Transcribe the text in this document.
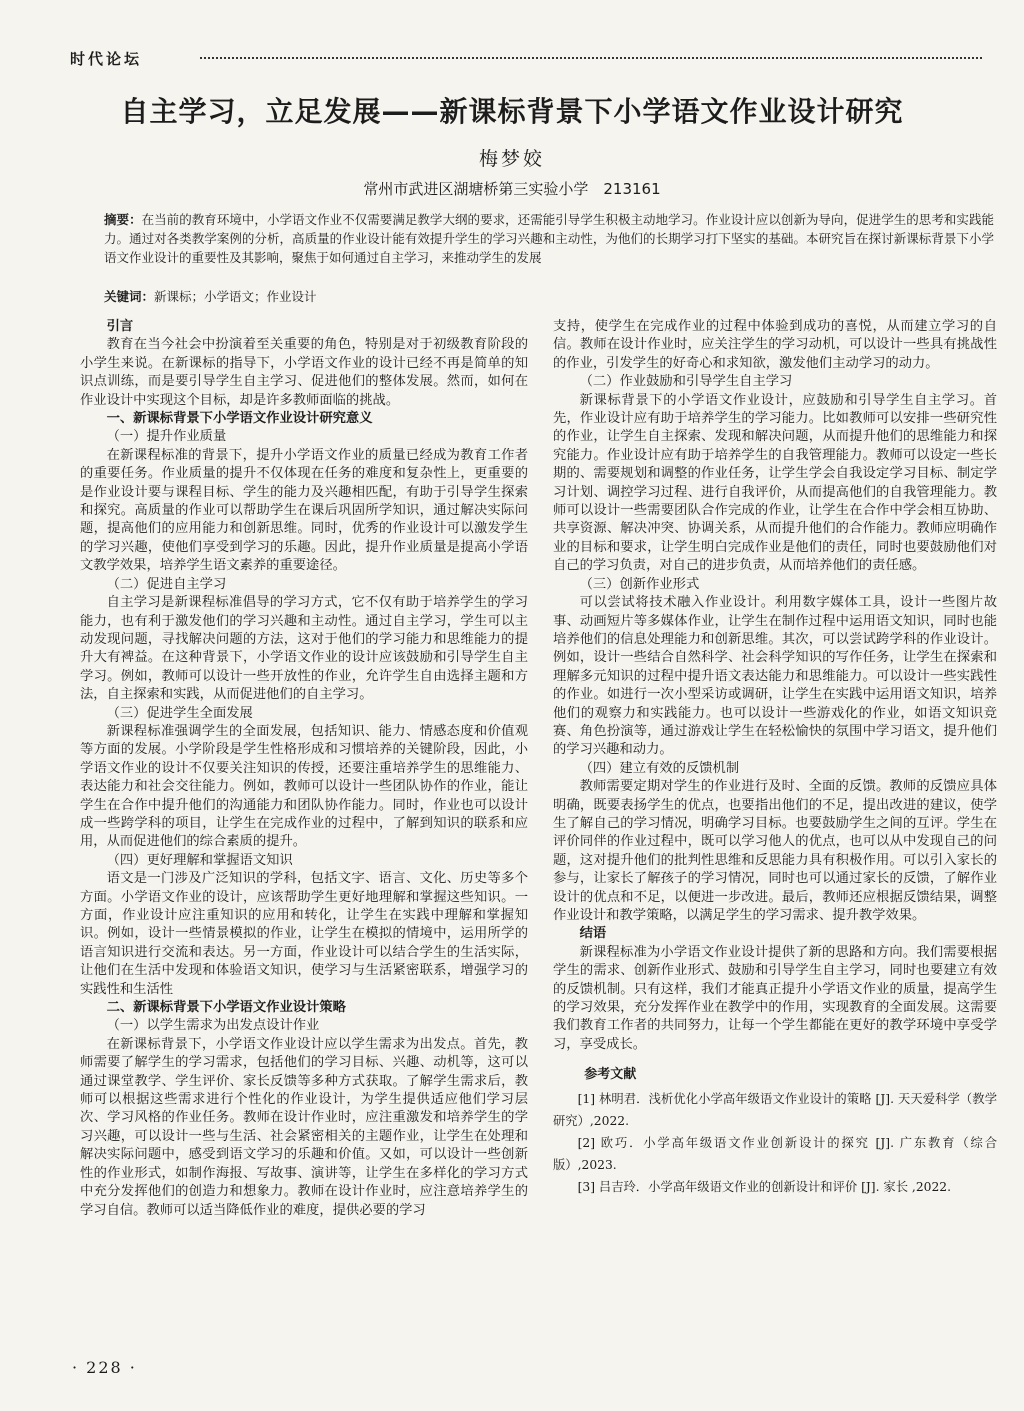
时代论坛
自主学习，立足发展——新课标背景下小学语文作业设计研究
梅梦姣
常州市武进区湖塘桥第三实验小学　213161
摘要：在当前的教育环境中，小学语文作业不仅需要满足教学大纲的要求，还需能引导学生积极主动地学习。作业设计应以创新为导向，促进学生的思考和实践能力。通过对各类教学案例的分析，高质量的作业设计能有效提升学生的学习兴趣和主动性，为他们的长期学习打下坚实的基础。本研究旨在探讨新课标背景下小学语文作业设计的重要性及其影响，聚焦于如何通过自主学习，来推动学生的发展
关键词：新课标；小学语文；作业设计
引言

教育在当今社会中扮演着至关重要的角色，特别是对于初级教育阶段的小学生来说。在新课标的指导下，小学语文作业的设计已经不再是简单的知识点训练，而是要引导学生自主学习、促进他们的整体发展。然而，如何在作业设计中实现这个目标，却是许多教师面临的挑战。

一、新课标背景下小学语文作业设计研究意义
（一）提升作业质量

在新课程标准的背景下，提升小学语文作业的质量已经成为教育工作者的重要任务。作业质量的提升不仅体现在任务的难度和复杂性上，更重要的是作业设计要与课程目标、学生的能力及兴趣相匹配，有助于引导学生探索和探究。高质量的作业可以帮助学生在课后巩固所学知识，通过解决实际问题，提高他们的应用能力和创新思维。同时，优秀的作业设计可以激发学生的学习兴趣，使他们享受到学习的乐趣。因此，提升作业质量是提高小学语文教学效果，培养学生语文素养的重要途径。

（二）促进自主学习

自主学习是新课程标准倡导的学习方式，它不仅有助于培养学生的学习能力，也有利于激发他们的学习兴趣和主动性。通过自主学习，学生可以主动发现问题，寻找解决问题的方法，这对于他们的学习能力和思维能力的提升大有裨益。在这种背景下，小学语文作业的设计应该鼓励和引导学生自主学习。例如，教师可以设计一些开放性的作业，允许学生自由选择主题和方法，自主探索和实践，从而促进他们的自主学习。

（三）促进学生全面发展

新课程标准强调学生的全面发展，包括知识、能力、情感态度和价值观等方面的发展。小学阶段是学生性格形成和习惯培养的关键阶段，因此，小学语文作业的设计不仅要关注知识的传授，还要注重培养学生的思维能力、表达能力和社会交往能力。例如，教师可以设计一些团队协作的作业，能让学生在合作中提升他们的沟通能力和团队协作能力。同时，作业也可以设计成一些跨学科的项目，让学生在完成作业的过程中，了解到知识的联系和应用，从而促进他们的综合素质的提升。

（四）更好理解和掌握语文知识

语文是一门涉及广泛知识的学科，包括文字、语言、文化、历史等多个方面。小学语文作业的设计，应该帮助学生更好地理解和掌握这些知识。一方面，作业设计应注重知识的应用和转化，让学生在实践中理解和掌握知识。例如，设计一些情景模拟的作业，让学生在模拟的情境中，运用所学的语言知识进行交流和表达。另一方面，作业设计可以结合学生的生活实际，让他们在生活中发现和体验语文知识，使学习与生活紧密联系，增强学习的实践性和生活性

二、新课标背景下小学语文作业设计策略
（一）以学生需求为出发点设计作业

在新课标背景下，小学语文作业设计应以学生需求为出发点。首先，教师需要了解学生的学习需求，包括他们的学习目标、兴趣、动机等，这可以通过课堂教学、学生评价、家长反馈等多种方式获取。了解学生需求后，教师可以根据这些需求进行个性化的作业设计，为学生提供适应他们学习层次、学习风格的作业任务。教师在设计作业时，应注重激发和培养学生的学习兴趣，可以设计一些与生活、社会紧密相关的主题作业，让学生在处理和解决实际问题中，感受到语文学习的乐趣和价值。又如，可以设计一些创新性的作业形式，如制作海报、写故事、演讲等，让学生在多样化的学习方式中充分发挥他们的创造力和想象力。教师在设计作业时，应注意培养学生的学习自信。教师可以适当降低作业的难度，提供必要的学习

支持，使学生在完成作业的过程中体验到成功的喜悦，从而建立学习的自信。教师在设计作业时，应关注学生的学习动机，可以设计一些具有挑战性的作业，引发学生的好奇心和求知欲，激发他们主动学习的动力。

（二）作业鼓励和引导学生自主学习

新课标背景下的小学语文作业设计，应鼓励和引导学生自主学习。首先，作业设计应有助于培养学生的学习能力。比如教师可以安排一些研究性的作业，让学生自主探索、发现和解决问题，从而提升他们的思维能力和探究能力。作业设计应有助于培养学生的自我管理能力。教师可以设定一些长期的、需要规划和调整的作业任务，让学生学会自我设定学习目标、制定学习计划、调控学习过程、进行自我评价，从而提高他们的自我管理能力。教师可以设计一些需要团队合作完成的作业，让学生在合作中学会相互协助、共享资源、解决冲突、协调关系，从而提升他们的合作能力。教师应明确作业的目标和要求，让学生明白完成作业是他们的责任，同时也要鼓励他们对自己的学习负责，对自己的进步负责，从而培养他们的责任感。

（三）创新作业形式

可以尝试将技术融入作业设计。利用数字媒体工具，设计一些图片故事、动画短片等多媒体作业，让学生在制作过程中运用语文知识，同时也能培养他们的信息处理能力和创新思维。其次，可以尝试跨学科的作业设计。例如，设计一些结合自然科学、社会科学知识的写作任务，让学生在探索和理解多元知识的过程中提升语文表达能力和思维能力。可以设计一些实践性的作业。如进行一次小型采访或调研，让学生在实践中运用语文知识，培养他们的观察力和实践能力。也可以设计一些游戏化的作业，如语文知识竞赛、角色扮演等，通过游戏让学生在轻松愉快的氛围中学习语文，提升他们的学习兴趣和动力。

（四）建立有效的反馈机制

教师需要定期对学生的作业进行及时、全面的反馈。教师的反馈应具体明确，既要表扬学生的优点，也要指出他们的不足，提出改进的建议，使学生了解自己的学习情况，明确学习目标。也要鼓励学生之间的互评。学生在评价同伴的作业过程中，既可以学习他人的优点，也可以从中发现自己的问题，这对提升他们的批判性思维和反思能力具有积极作用。可以引入家长的参与，让家长了解孩子的学习情况，同时也可以通过家长的反馈，了解作业设计的优点和不足，以便进一步改进。最后，教师还应根据反馈结果，调整作业设计和教学策略，以满足学生的学习需求、提升教学效果。

结语

新课程标准为小学语文作业设计提供了新的思路和方向。我们需要根据学生的需求、创新作业形式、鼓励和引导学生自主学习，同时也要建立有效的反馈机制。只有这样，我们才能真正提升小学语文作业的质量，提高学生的学习效果，充分发挥作业在教学中的作用，实现教育的全面发展。这需要我们教育工作者的共同努力，让每一个学生都能在更好的教学环境中享受学习，享受成长。

参考文献
[1] 林明君．浅析优化小学高年级语文作业设计的策略 [J]. 天天爱科学（教学研究）,2022.
[2] 欧巧．小学高年级语文作业创新设计的探究 [J]. 广东教育（综合版）,2023.
[3] 吕吉玲．小学高年级语文作业的创新设计和评价 [J]. 家长 ,2022.
· 228 ·
